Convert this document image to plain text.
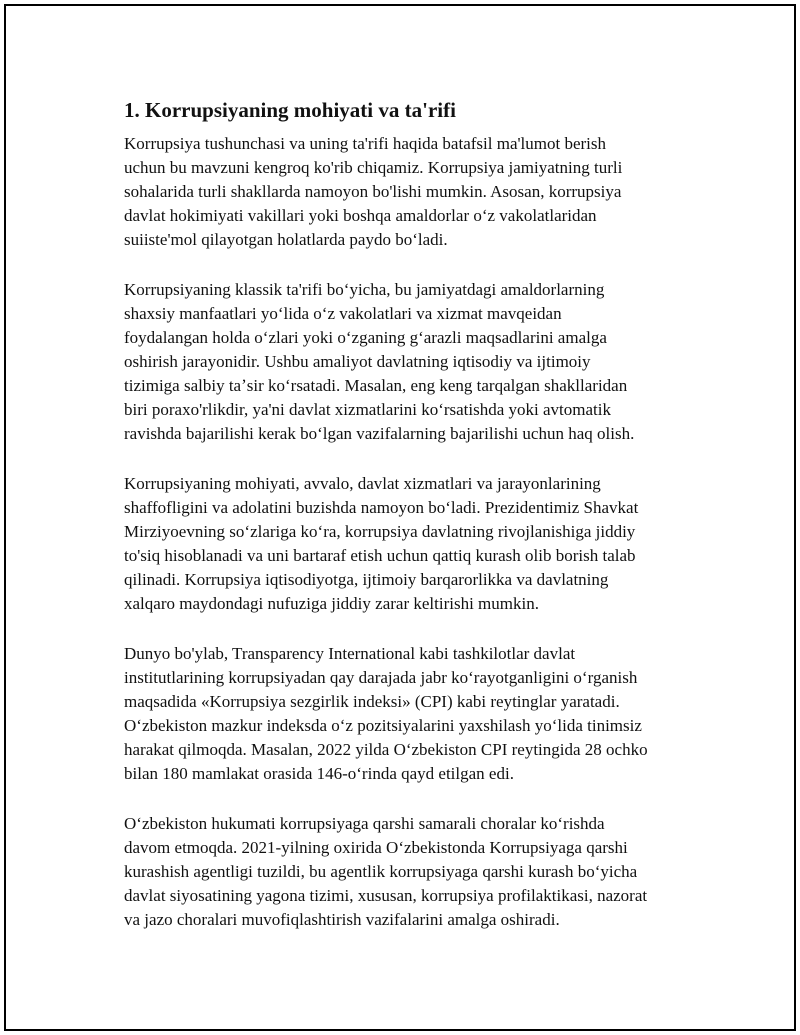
1. Korrupsiyaning mohiyati va ta'rifi

Korrupsiya tushunchasi va uning ta'rifi haqida batafsil ma'lumot berish
uchun bu mavzuni kengroq ko'rib chiqamiz. Korrupsiya jamiyatning turli
sohalarida turli shakllarda namoyon bo'lishi mumkin. Asosan, korrupsiya
davlat hokimiyati vakillari yoki boshqa amaldorlar oʻz vakolatlaridan
suiiste'mol qilayotgan holatlarda paydo boʻladi.

Korrupsiyaning klassik ta'rifi boʻyicha, bu jamiyatdagi amaldorlarning
shaxsiy manfaatlari yoʻlida oʻz vakolatlari va xizmat mavqeidan
foydalangan holda oʻzlari yoki oʻzganing gʻarazli maqsadlarini amalga
oshirish jarayonidir. Ushbu amaliyot davlatning iqtisodiy va ijtimoiy
tizimiga salbiy taʼsir koʻrsatadi. Masalan, eng keng tarqalgan shakllaridan
biri poraxo'rlikdir, ya'ni davlat xizmatlarini koʻrsatishda yoki avtomatik
ravishda bajarilishi kerak boʻlgan vazifalarning bajarilishi uchun haq olish.

Korrupsiyaning mohiyati, avvalo, davlat xizmatlari va jarayonlarining
shaffofligini va adolatini buzishda namoyon boʻladi. Prezidentimiz Shavkat
Mirziyoevning soʻzlariga koʻra, korrupsiya davlatning rivojlanishiga jiddiy
to'siq hisoblanadi va uni bartaraf etish uchun qattiq kurash olib borish talab
qilinadi. Korrupsiya iqtisodiyotga, ijtimoiy barqarorlikka va davlatning
xalqaro maydondagi nufuziga jiddiy zarar keltirishi mumkin.

Dunyo bo'ylab, Transparency International kabi tashkilotlar davlat
institutlarining korrupsiyadan qay darajada jabr koʻrayotganligini oʻrganish
maqsadida «Korrupsiya sezgirlik indeksi» (CPI) kabi reytinglar yaratadi.
Oʻzbekiston mazkur indeksda oʻz pozitsiyalarini yaxshilash yoʻlida tinimsiz
harakat qilmoqda. Masalan, 2022 yilda Oʻzbekiston CPI reytingida 28 ochko
bilan 180 mamlakat orasida 146-oʻrinda qayd etilgan edi.

Oʻzbekiston hukumati korrupsiyaga qarshi samarali choralar koʻrishda
davom etmoqda. 2021-yilning oxirida Oʻzbekistonda Korrupsiyaga qarshi
kurashish agentligi tuzildi, bu agentlik korrupsiyaga qarshi kurash boʻyicha
davlat siyosatining yagona tizimi, xususan, korrupsiya profilaktikasi, nazorat
va jazo choralari muvofiqlashtirish vazifalarini amalga oshiradi.
